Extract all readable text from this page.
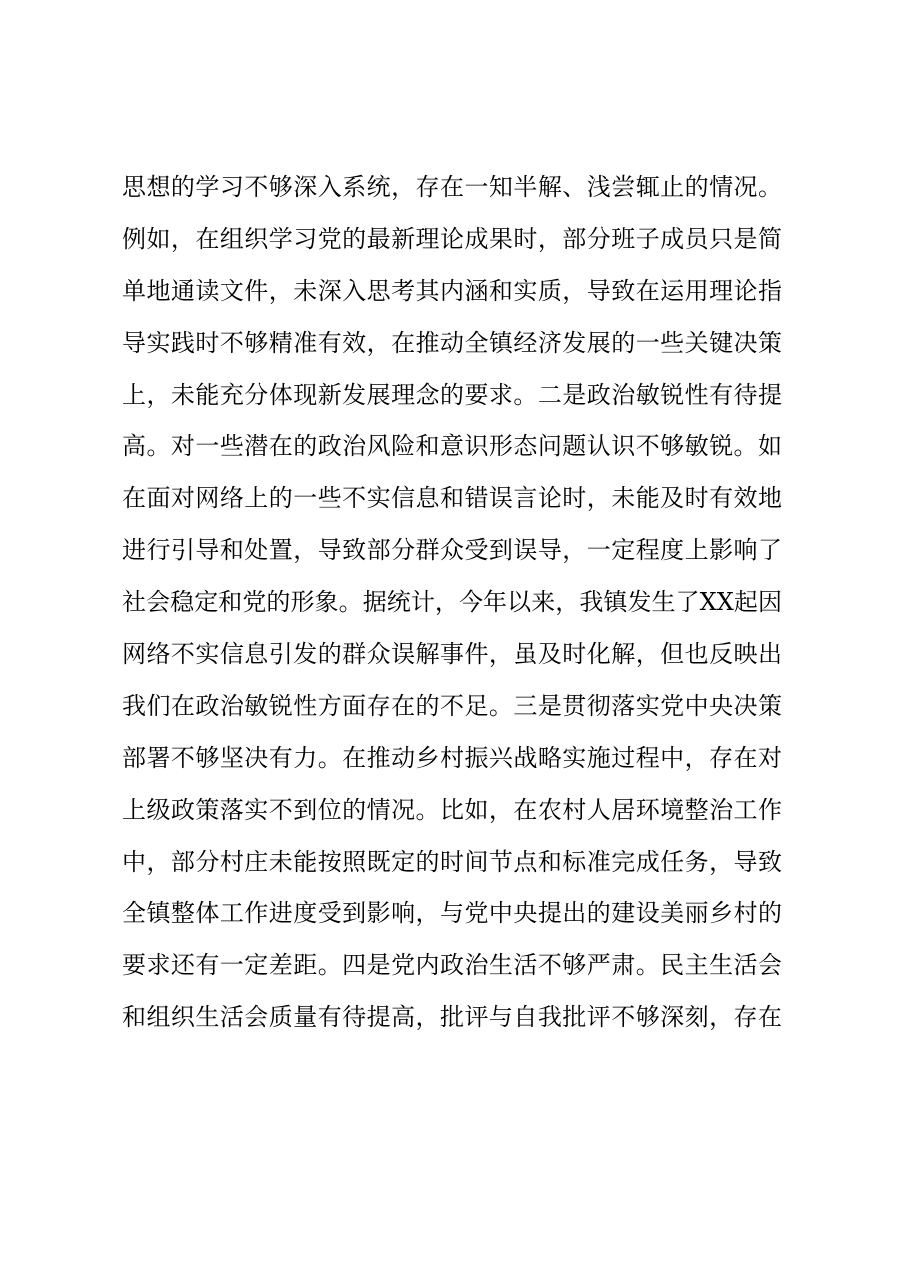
思想的学习不够深入系统，存在一知半解、浅尝辄止的情况。
例如，在组织学习党的最新理论成果时，部分班子成员只是简
单地通读文件，未深入思考其内涵和实质，导致在运用理论指
导实践时不够精准有效，在推动全镇经济发展的一些关键决策
上，未能充分体现新发展理念的要求。二是政治敏锐性有待提
高。对一些潜在的政治风险和意识形态问题认识不够敏锐。如
在面对网络上的一些不实信息和错误言论时，未能及时有效地
进行引导和处置，导致部分群众受到误导，一定程度上影响了
社会稳定和党的形象。据统计，今年以来，我镇发生了XX起因
网络不实信息引发的群众误解事件，虽及时化解，但也反映出
我们在政治敏锐性方面存在的不足。三是贯彻落实党中央决策
部署不够坚决有力。在推动乡村振兴战略实施过程中，存在对
上级政策落实不到位的情况。比如，在农村人居环境整治工作
中，部分村庄未能按照既定的时间节点和标准完成任务，导致
全镇整体工作进度受到影响，与党中央提出的建设美丽乡村的
要求还有一定差距。四是党内政治生活不够严肃。民主生活会
和组织生活会质量有待提高，批评与自我批评不够深刻，存在
